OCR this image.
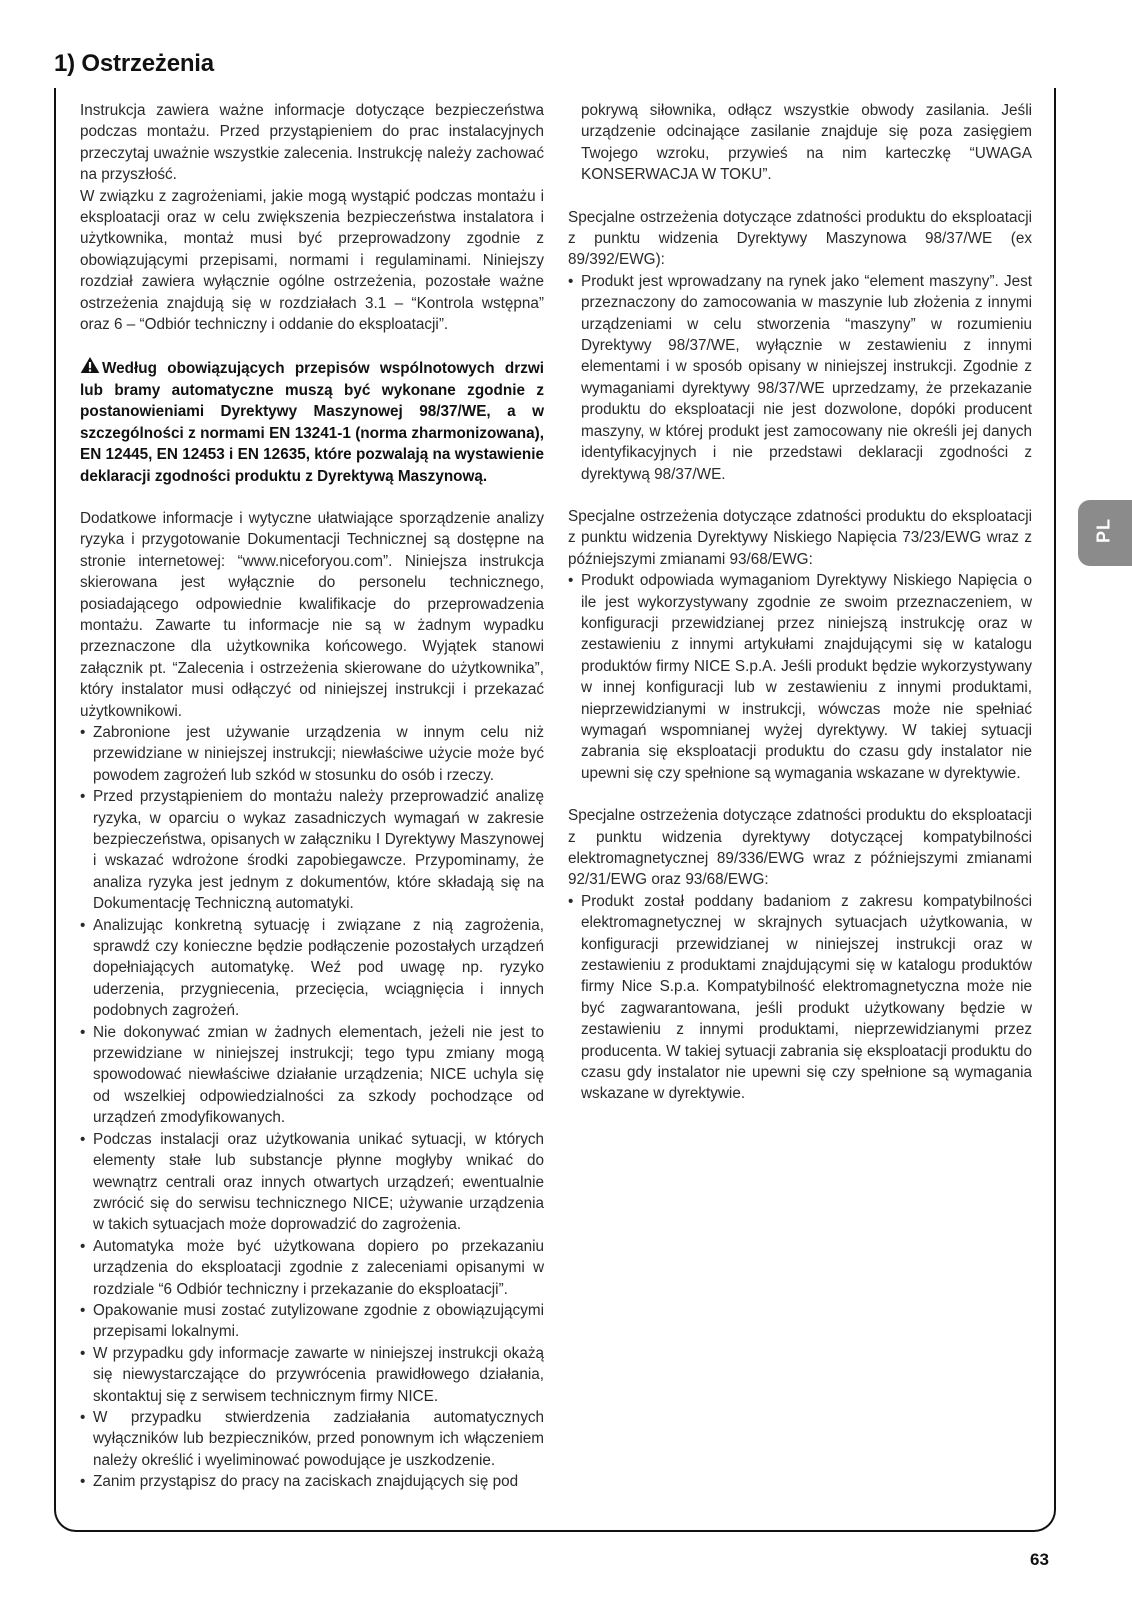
1) Ostrzeżenia

Instrukcja zawiera ważne informacje dotyczące bezpieczeństwa podczas montażu. Przed przystąpieniem do prac instalacyjnych przeczytaj uważnie wszystkie zalecenia. Instrukcję należy zachować na przyszłość.

W związku z zagrożeniami, jakie mogą wystąpić podczas montażu i eksploatacji oraz w celu zwiększenia bezpieczeństwa instalatora i użytkownika, montaż musi być przeprowadzony zgodnie z obowiązującymi przepisami, normami i regulaminami. Niniejszy rozdział zawiera wyłącznie ogólne ostrzeżenia, pozostałe ważne ostrzeżenia znajdują się w rozdziałach 3.1 – “Kontrola wstępna” oraz 6 – “Odbiór techniczny i oddanie do eksploatacji”.

Według obowiązujących przepisów wspólnotowych drzwi lub bramy automatyczne muszą być wykonane zgodnie z postanowieniami Dyrektywy Maszynowej 98/37/WE, a w szczególności z normami EN 13241-1 (norma zharmonizowana), EN 12445, EN 12453 i EN 12635, które pozwalają na wystawienie deklaracji zgodności produktu z Dyrektywą Maszynową.

Dodatkowe informacje i wytyczne ułatwiające sporządzenie analizy ryzyka i przygotowanie Dokumentacji Technicznej są dostępne na stronie internetowej: “www.niceforyou.com”. Niniejsza instrukcja skierowana jest wyłącznie do personelu technicznego, posiadającego odpowiednie kwalifikacje do przeprowadzenia montażu. Zawarte tu informacje nie są w żadnym wypadku przeznaczone dla użytkownika końcowego. Wyjątek stanowi załącznik pt. “Zalecenia i ostrzeżenia skierowane do użytkownika”, który instalator musi odłączyć od niniejszej instrukcji i przekazać użytkownikowi.

• Zabronione jest używanie urządzenia w innym celu niż przewidziane w niniejszej instrukcji; niewłaściwe użycie może być powodem zagrożeń lub szkód w stosunku do osób i rzeczy.
• Przed przystąpieniem do montażu należy przeprowadzić analizę ryzyka, w oparciu o wykaz zasadniczych wymagań w zakresie bezpieczeństwa, opisanych w załączniku I Dyrektywy Maszynowej i wskazać wdrożone środki zapobiegawcze. Przypominamy, że analiza ryzyka jest jednym z dokumentów, które składają się na Dokumentację Techniczną automatyki.
• Analizując konkretną sytuację i związane z nią zagrożenia, sprawdź czy konieczne będzie podłączenie pozostałych urządzeń dopełniających automatykę. Weź pod uwagę np. ryzyko uderzenia, przygniecenia, przecięcia, wciągnięcia i innych podobnych zagrożeń.
• Nie dokonywać zmian w żadnych elementach, jeżeli nie jest to przewidziane w niniejszej instrukcji; tego typu zmiany mogą spowodować niewłaściwe działanie urządzenia; NICE uchyla się od wszelkiej odpowiedzialności za szkody pochodzące od urządzeń zmodyfikowanych.
• Podczas instalacji oraz użytkowania unikać sytuacji, w których elementy stałe lub substancje płynne mogłyby wnikać do wewnątrz centrali oraz innych otwartych urządzeń; ewentualnie zwrócić się do serwisu technicznego NICE; używanie urządzenia w takich sytuacjach może doprowadzić do zagrożenia.
• Automatyka może być użytkowana dopiero po przekazaniu urządzenia do eksploatacji zgodnie z zaleceniami opisanymi w rozdziale “6 Odbiór techniczny i przekazanie do eksploatacji”.
• Opakowanie musi zostać zutylizowane zgodnie z obowiązującymi przepisami lokalnymi.
• W przypadku gdy informacje zawarte w niniejszej instrukcji okażą się niewystarczające do przywrócenia prawidłowego działania, skontaktuj się z serwisem technicznym firmy NICE.
• W przypadku stwierdzenia zadziałania automatycznych wyłączników lub bezpieczników, przed ponownym ich włączeniem należy określić i wyeliminować powodujące je uszkodzenie.
• Zanim przystąpisz do pracy na zaciskach znajdujących się pod

pokrywą siłownika, odłącz wszystkie obwody zasilania. Jeśli urządzenie odcinające zasilanie znajduje się poza zasięgiem Twojego wzroku, przywieś na nim karteczkę “UWAGA KONSERWACJA W TOKU”.

Specjalne ostrzeżenia dotyczące zdatności produktu do eksploatacji z punktu widzenia Dyrektywy Maszynowa 98/37/WE (ex 89/392/EWG):

• Produkt jest wprowadzany na rynek jako “element maszyny”. Jest przeznaczony do zamocowania w maszynie lub złożenia z innymi urządzeniami w celu stworzenia “maszyny” w rozumieniu Dyrektywy 98/37/WE, wyłącznie w zestawieniu z innymi elementami i w sposób opisany w niniejszej instrukcji. Zgodnie z wymaganiami dyrektywy 98/37/WE uprzedzamy, że przekazanie produktu do eksploatacji nie jest dozwolone, dopóki producent maszyny, w której produkt jest zamocowany nie określi jej danych identyfikacyjnych i nie przedstawi deklaracji zgodności z dyrektywą 98/37/WE.

Specjalne ostrzeżenia dotyczące zdatności produktu do eksploatacji z punktu widzenia Dyrektywy Niskiego Napięcia 73/23/EWG wraz z późniejszymi zmianami 93/68/EWG:

• Produkt odpowiada wymaganiom Dyrektywy Niskiego Napięcia o ile jest wykorzystywany zgodnie ze swoim przeznaczeniem, w konfiguracji przewidzianej przez niniejszą instrukcję oraz w zestawieniu z innymi artykułami znajdującymi się w katalogu produktów firmy NICE S.p.A. Jeśli produkt będzie wykorzystywany w innej konfiguracji lub w zestawieniu z innymi produktami, nieprzewidzianymi w instrukcji, wówczas może nie spełniać wymagań wspomnianej wyżej dyrektywy. W takiej sytuacji zabrania się eksploatacji produktu do czasu gdy instalator nie upewni się czy spełnione są wymagania wskazane w dyrektywie.

Specjalne ostrzeżenia dotyczące zdatności produktu do eksploatacji z punktu widzenia dyrektywy dotyczącej kompatybilności elektromagnetycznej 89/336/EWG wraz z późniejszymi zmianami 92/31/EWG oraz 93/68/EWG:

• Produkt został poddany badaniom z zakresu kompatybilności elektromagnetycznej w skrajnych sytuacjach użytkowania, w konfiguracji przewidzianej w niniejszej instrukcji oraz w zestawieniu z produktami znajdującymi się w katalogu produktów firmy Nice S.p.a. Kompatybilność elektromagnetyczna może nie być zagwarantowana, jeśli produkt użytkowany będzie w zestawieniu z innymi produktami, nieprzewidzianymi przez producenta. W takiej sytuacji zabrania się eksploatacji produktu do czasu gdy instalator nie upewni się czy spełnione są wymagania wskazane w dyrektywie.
PL
63
